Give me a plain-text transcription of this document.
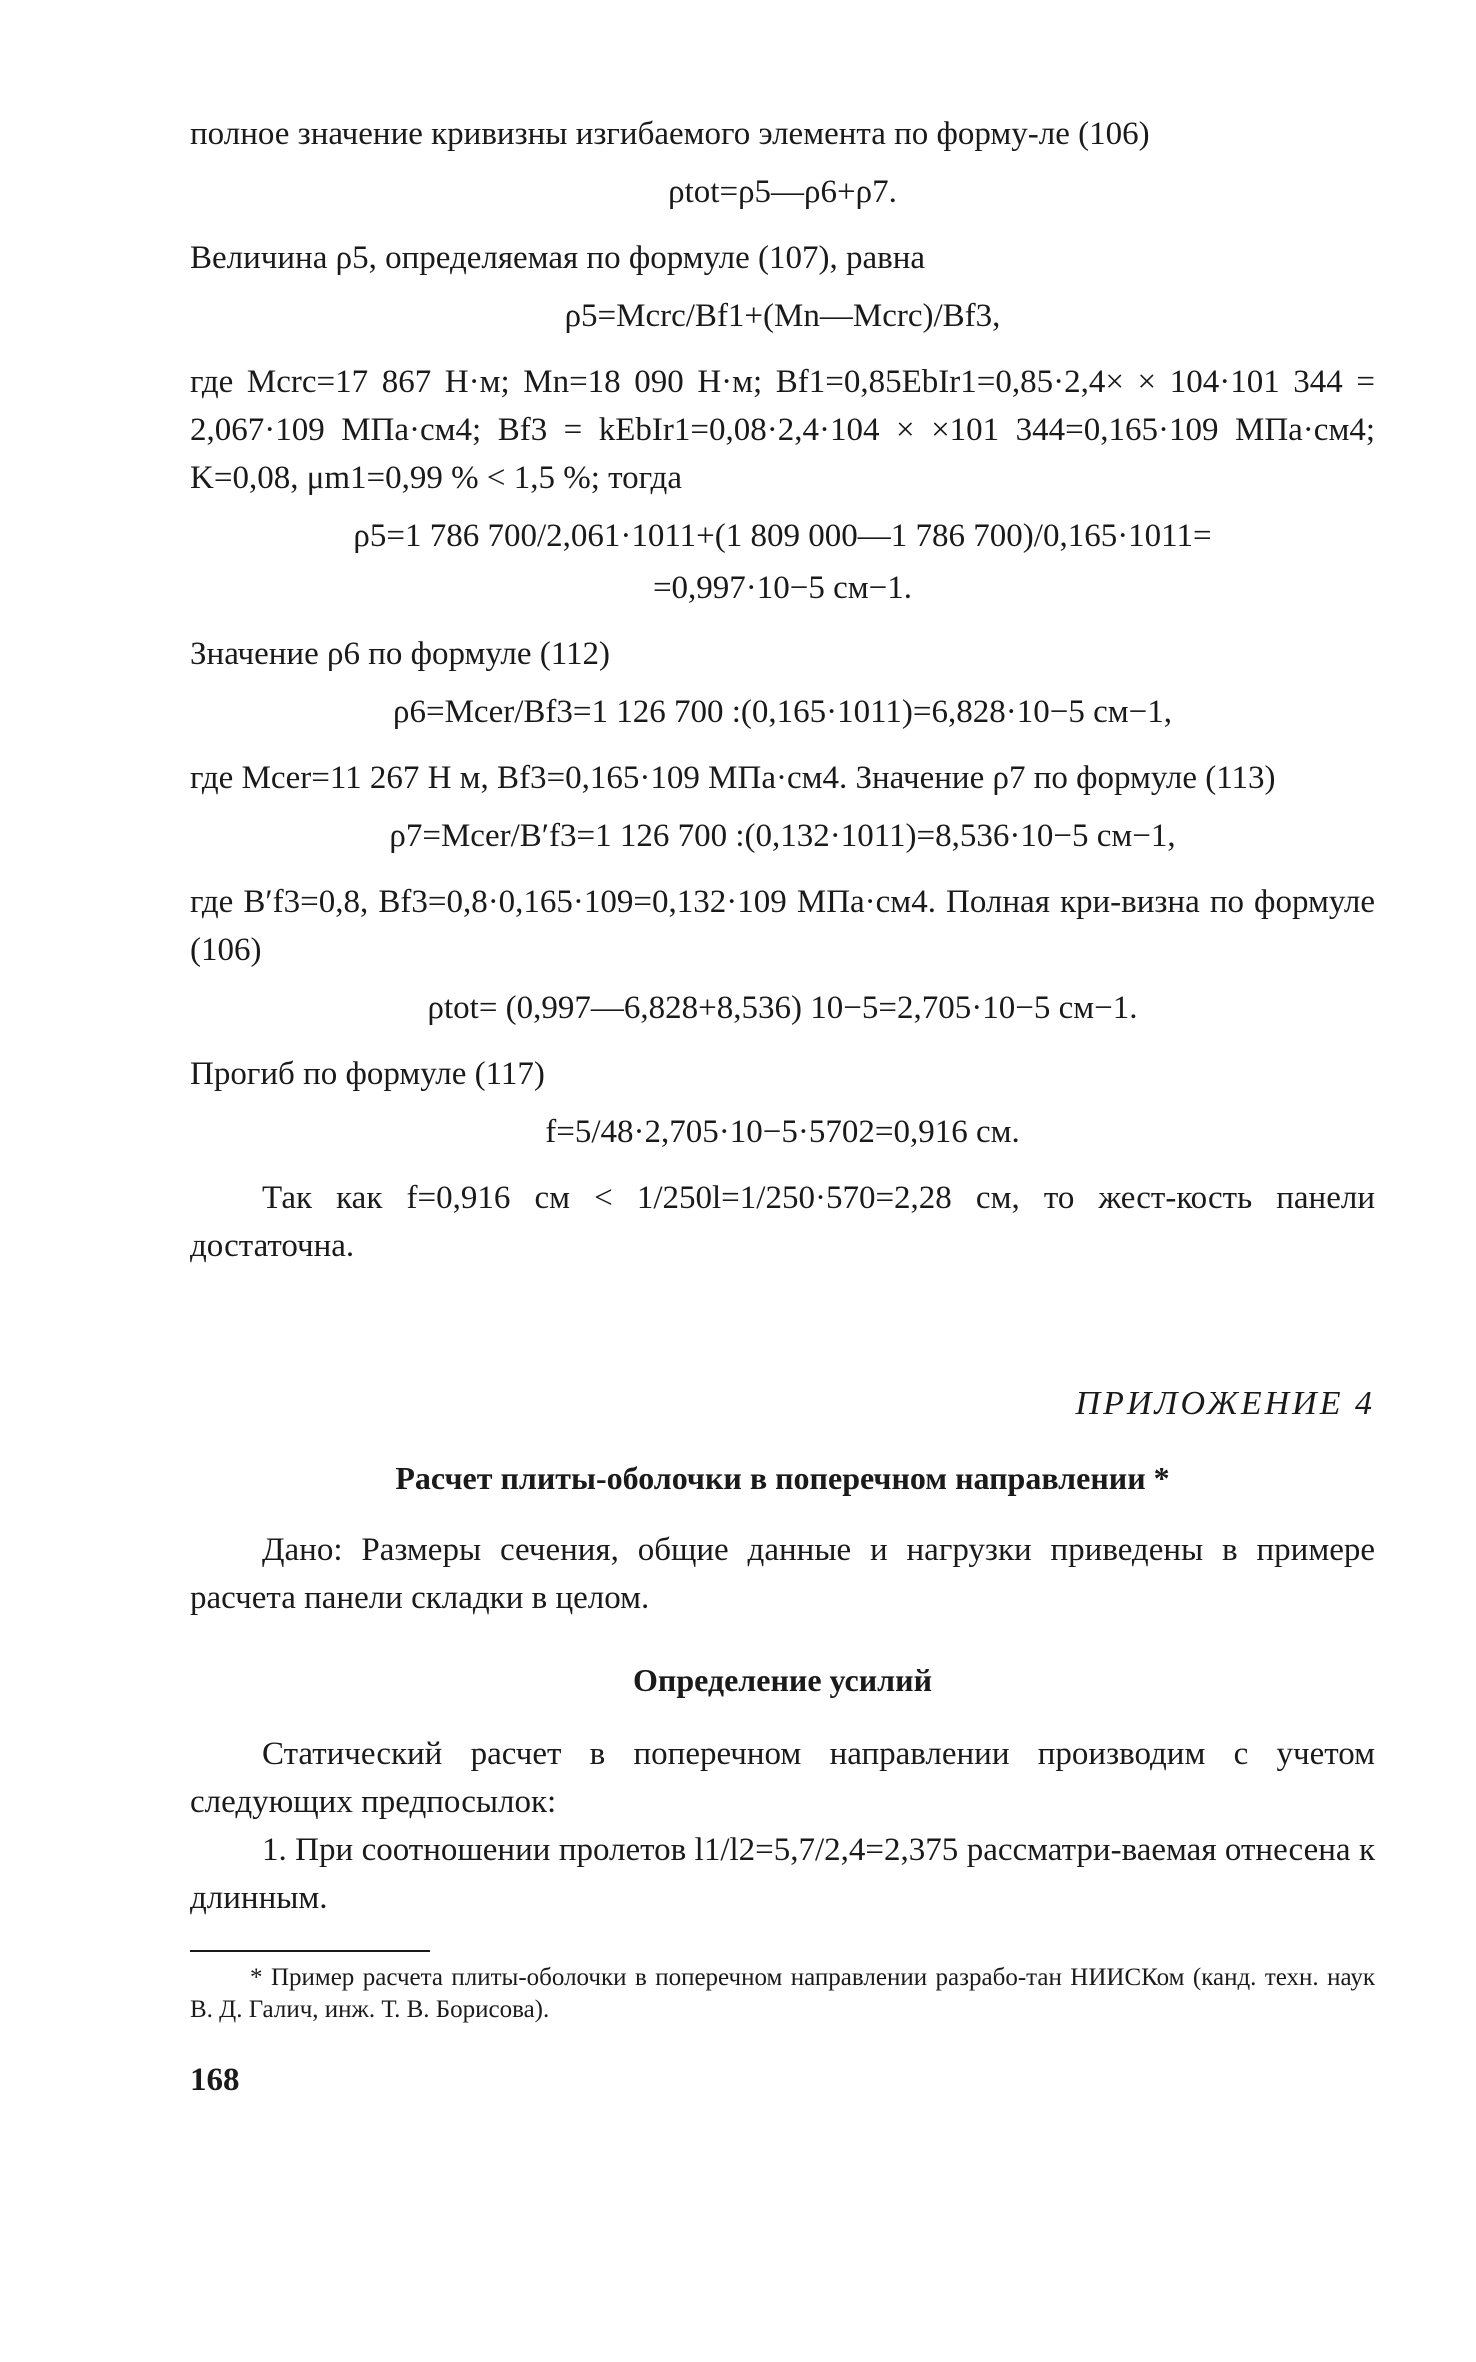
полное значение кривизны изгибаемого элемента по форму-ле (106)

ρtot=ρ5—ρ6+ρ7.

Величина ρ5, определяемая по формуле (107), равна

ρ5=Mcrc/Bf1+(Mn—Mcrc)/Bf3,

где Mcrc=17 867 Н·м; Mn=18 090 Н·м; Bf1=0,85EbIr1=0,85·2,4× × 104·101 344 = 2,067·109 МПа·см4; Bf3 = kEbIr1=0,08·2,4·104 × ×101 344=0,165·109 МПа·см4; K=0,08, μm1=0,99 % < 1,5 %; тогда

ρ5=1 786 700/2,061·1011+(1 809 000—1 786 700)/0,165·1011=
=0,997·10−5 см−1.

Значение ρ6 по формуле (112)

ρ6=Mcer/Bf3=1 126 700 :(0,165·1011)=6,828·10−5 см−1,

где Mcer=11 267 Н м, Bf3=0,165·109 МПа·см4. Значение ρ7 по формуле (113)

ρ7=Mcer/B′f3=1 126 700 :(0,132·1011)=8,536·10−5 см−1,

где B′f3=0,8, Bf3=0,8·0,165·109=0,132·109 МПа·см4. Полная кри-визна по формуле (106)

ρtot= (0,997—6,828+8,536) 10−5=2,705·10−5 см−1.

Прогиб по формуле (117)

f=5/48·2,705·10−5·5702=0,916 см.

Так как f=0,916 см < 1/250l=1/250·570=2,28 см, то жест-кость панели достаточна.

ПРИЛОЖЕНИЕ 4
Расчет плиты-оболочки в поперечном направлении *

Дано: Размеры сечения, общие данные и нагрузки приведены в примере расчета панели складки в целом.

Определение усилий

Статический расчет в поперечном направлении производим с учетом следующих предпосылок:

1. При соотношении пролетов l1/l2=5,7/2,4=2,375 рассматри-ваемая отнесена к длинным.

* Пример расчета плиты-оболочки в поперечном направлении разрабо-тан НИИСКом (канд. техн. наук В. Д. Галич, инж. Т. В. Борисова).

168
